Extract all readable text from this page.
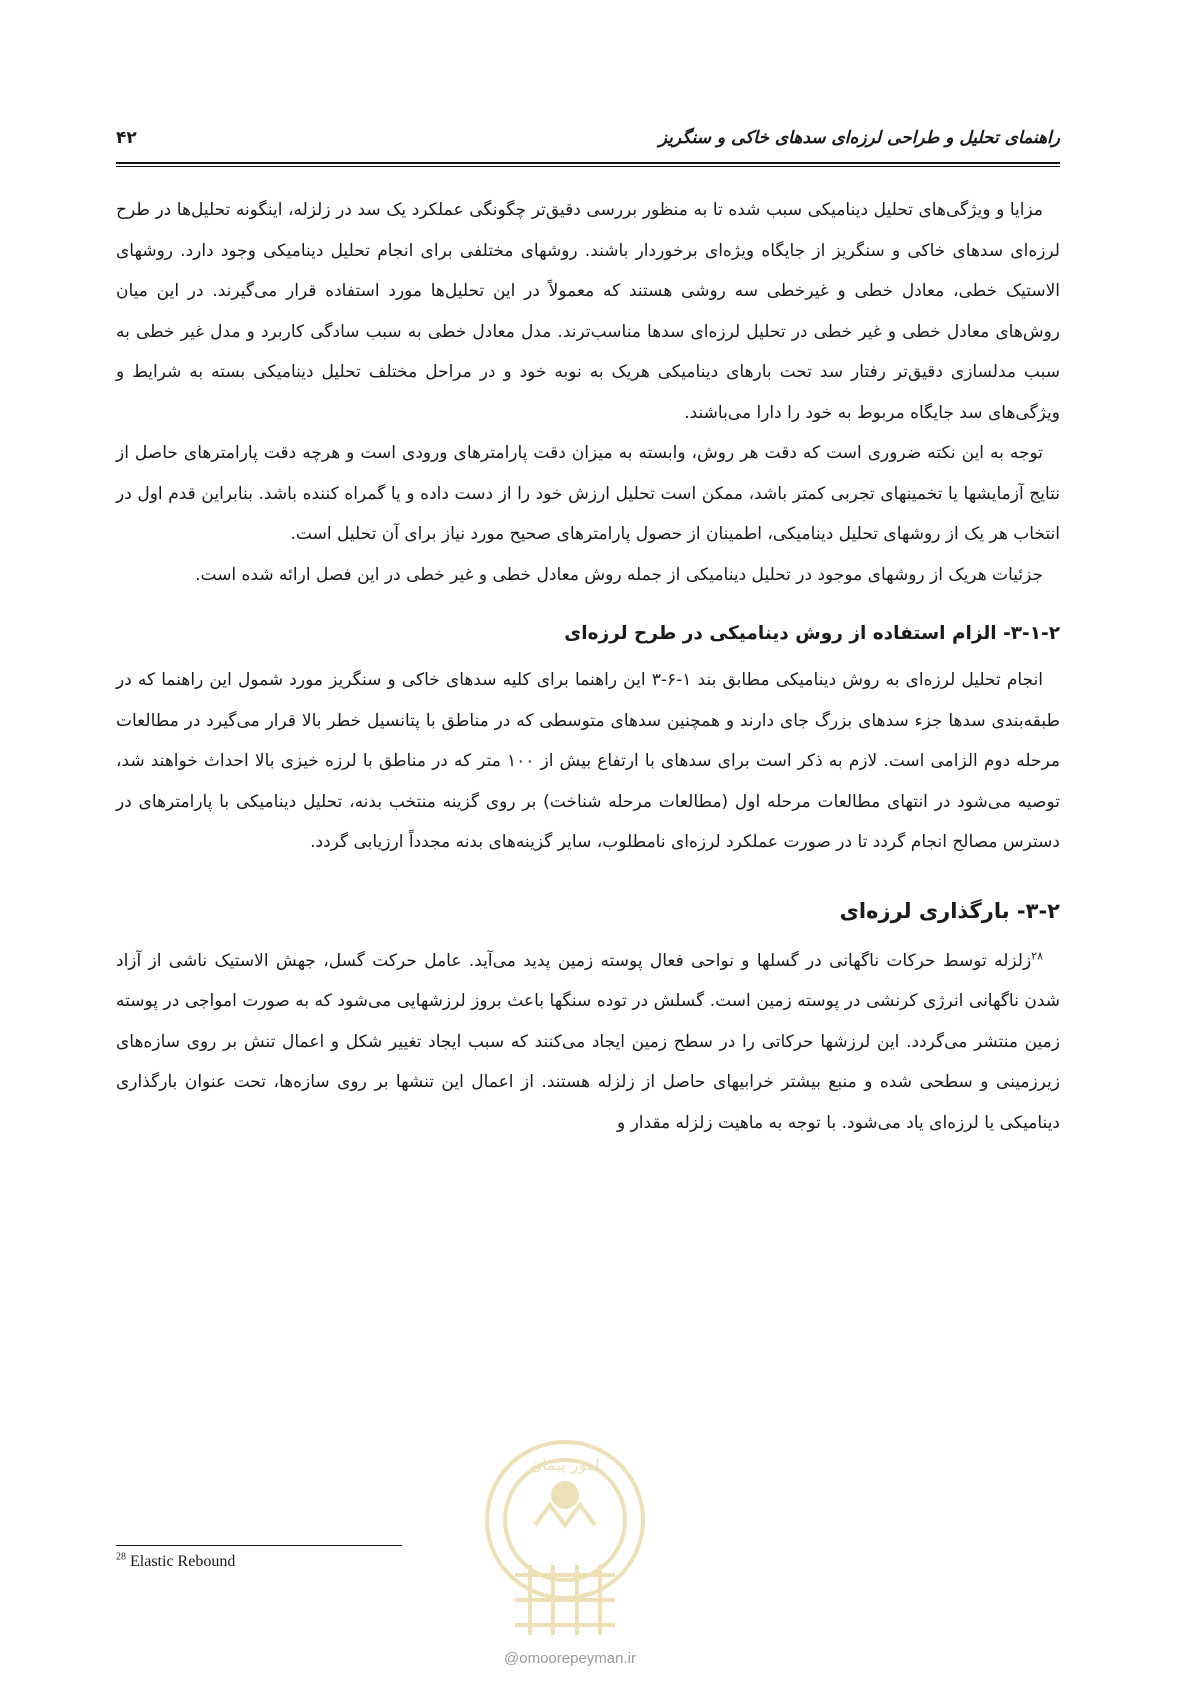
راهنمای تحلیل و طراحی لرزه‌ای سدهای خاکی و سنگریز
۴۲

مزایا و ویژگی‌های تحلیل دینامیکی سبب شده تا به منظور بررسی دقیق‌تر چگونگی عملکرد یک سد در زلزله، اینگونه تحلیل‌ها در طرح لرزه‌ای سدهای خاکی و سنگریز از جایگاه ویژه‌ای برخوردار باشند. روشهای مختلفی برای انجام تحلیل دینامیکی وجود دارد. روشهای الاستیک خطی، معادل خطی و غیرخطی سه روشی هستند که معمولاً در این تحلیل‌ها مورد استفاده قرار می‌گیرند. در این میان روش‌های معادل خطی و غیر خطی در تحلیل لرزه‌ای سدها مناسب‌ترند. مدل معادل خطی به سبب سادگی کاربرد و مدل غیر خطی به سبب مدلسازی دقیق‌تر رفتار سد تحت بارهای دینامیکی هریک به نوبه خود و در مراحل مختلف تحلیل دینامیکی بسته به شرایط و ویژگی‌های سد جایگاه مربوط به خود را دارا می‌باشند.

توجه به این نکته ضروری است که دقت هر روش، وابسته به میزان دقت پارامترهای ورودی است و هرچه دقت پارامترهای حاصل از نتایج آزمایشها یا تخمینهای تجربی کمتر باشد، ممکن است تحلیل ارزش خود را از دست داده و یا گمراه کننده باشد. بنابراین قدم اول در انتخاب هر یک از روشهای تحلیل دینامیکی، اطمینان از حصول پارامترهای صحیح مورد نیاز برای آن تحلیل است.

جزئیات هریک از روشهای موجود در تحلیل دینامیکی از جمله روش معادل خطی و غیر خطی در این فصل ارائه شده است.

۳-۱-۲- الزام استفاده از روش دینامیکی در طرح لرزه‌ای

انجام تحلیل لرزه‌ای به روش دینامیکی مطابق بند ۱-۶-۳ این راهنما برای کلیه سدهای خاکی و سنگریز مورد شمول این راهنما که در طبقه‌بندی سدها جزء سدهای بزرگ جای دارند و همچنین سدهای متوسطی که در مناطق با پتانسیل خطر بالا قرار می‌گیرد در مطالعات مرحله دوم الزامی است. لازم به ذکر است برای سدهای با ارتفاع بیش از ۱۰۰ متر که در مناطق با لرزه خیزی بالا احداث خواهند شد، توصیه می‌شود در انتهای مطالعات مرحله اول (مطالعات مرحله شناخت) بر روی گزینه منتخب بدنه، تحلیل دینامیکی با پارامترهای در دسترس مصالح انجام گردد تا در صورت عملکرد لرزه‌ای نامطلوب، سایر گزینه‌های بدنه مجدداً ارزیابی گردد.

۳-۲- بارگذاری لرزه‌ای

$^{۲۸}$زلزله توسط حرکات ناگهانی در گسلها و نواحی فعال پوسته زمین پدید می‌آید. عامل حرکت گسل، جهش الاستیک ناشی از آزاد شدن ناگهانی انرژی کرنشی در پوسته زمین است. گسلش در توده سنگها باعث بروز لرزشهایی می‌شود که به صورت امواجی در پوسته زمین منتشر می‌گردد. این لرزشها حرکاتی را در سطح زمین ایجاد می‌کنند که سبب ایجاد تغییر شکل و اعمال تنش بر روی سازه‌های زیرزمینی و سطحی شده و منبع بیشتر خرابیهای حاصل از زلزله هستند. از اعمال این تنشها بر روی سازه‌ها، تحت عنوان بارگذاری دینامیکی یا لرزه‌ای یاد می‌شود. با توجه به ماهیت زلزله مقدار و

$^{28}$ Elastic Rebound
امور پیمان
@omoorepeyman.ir
